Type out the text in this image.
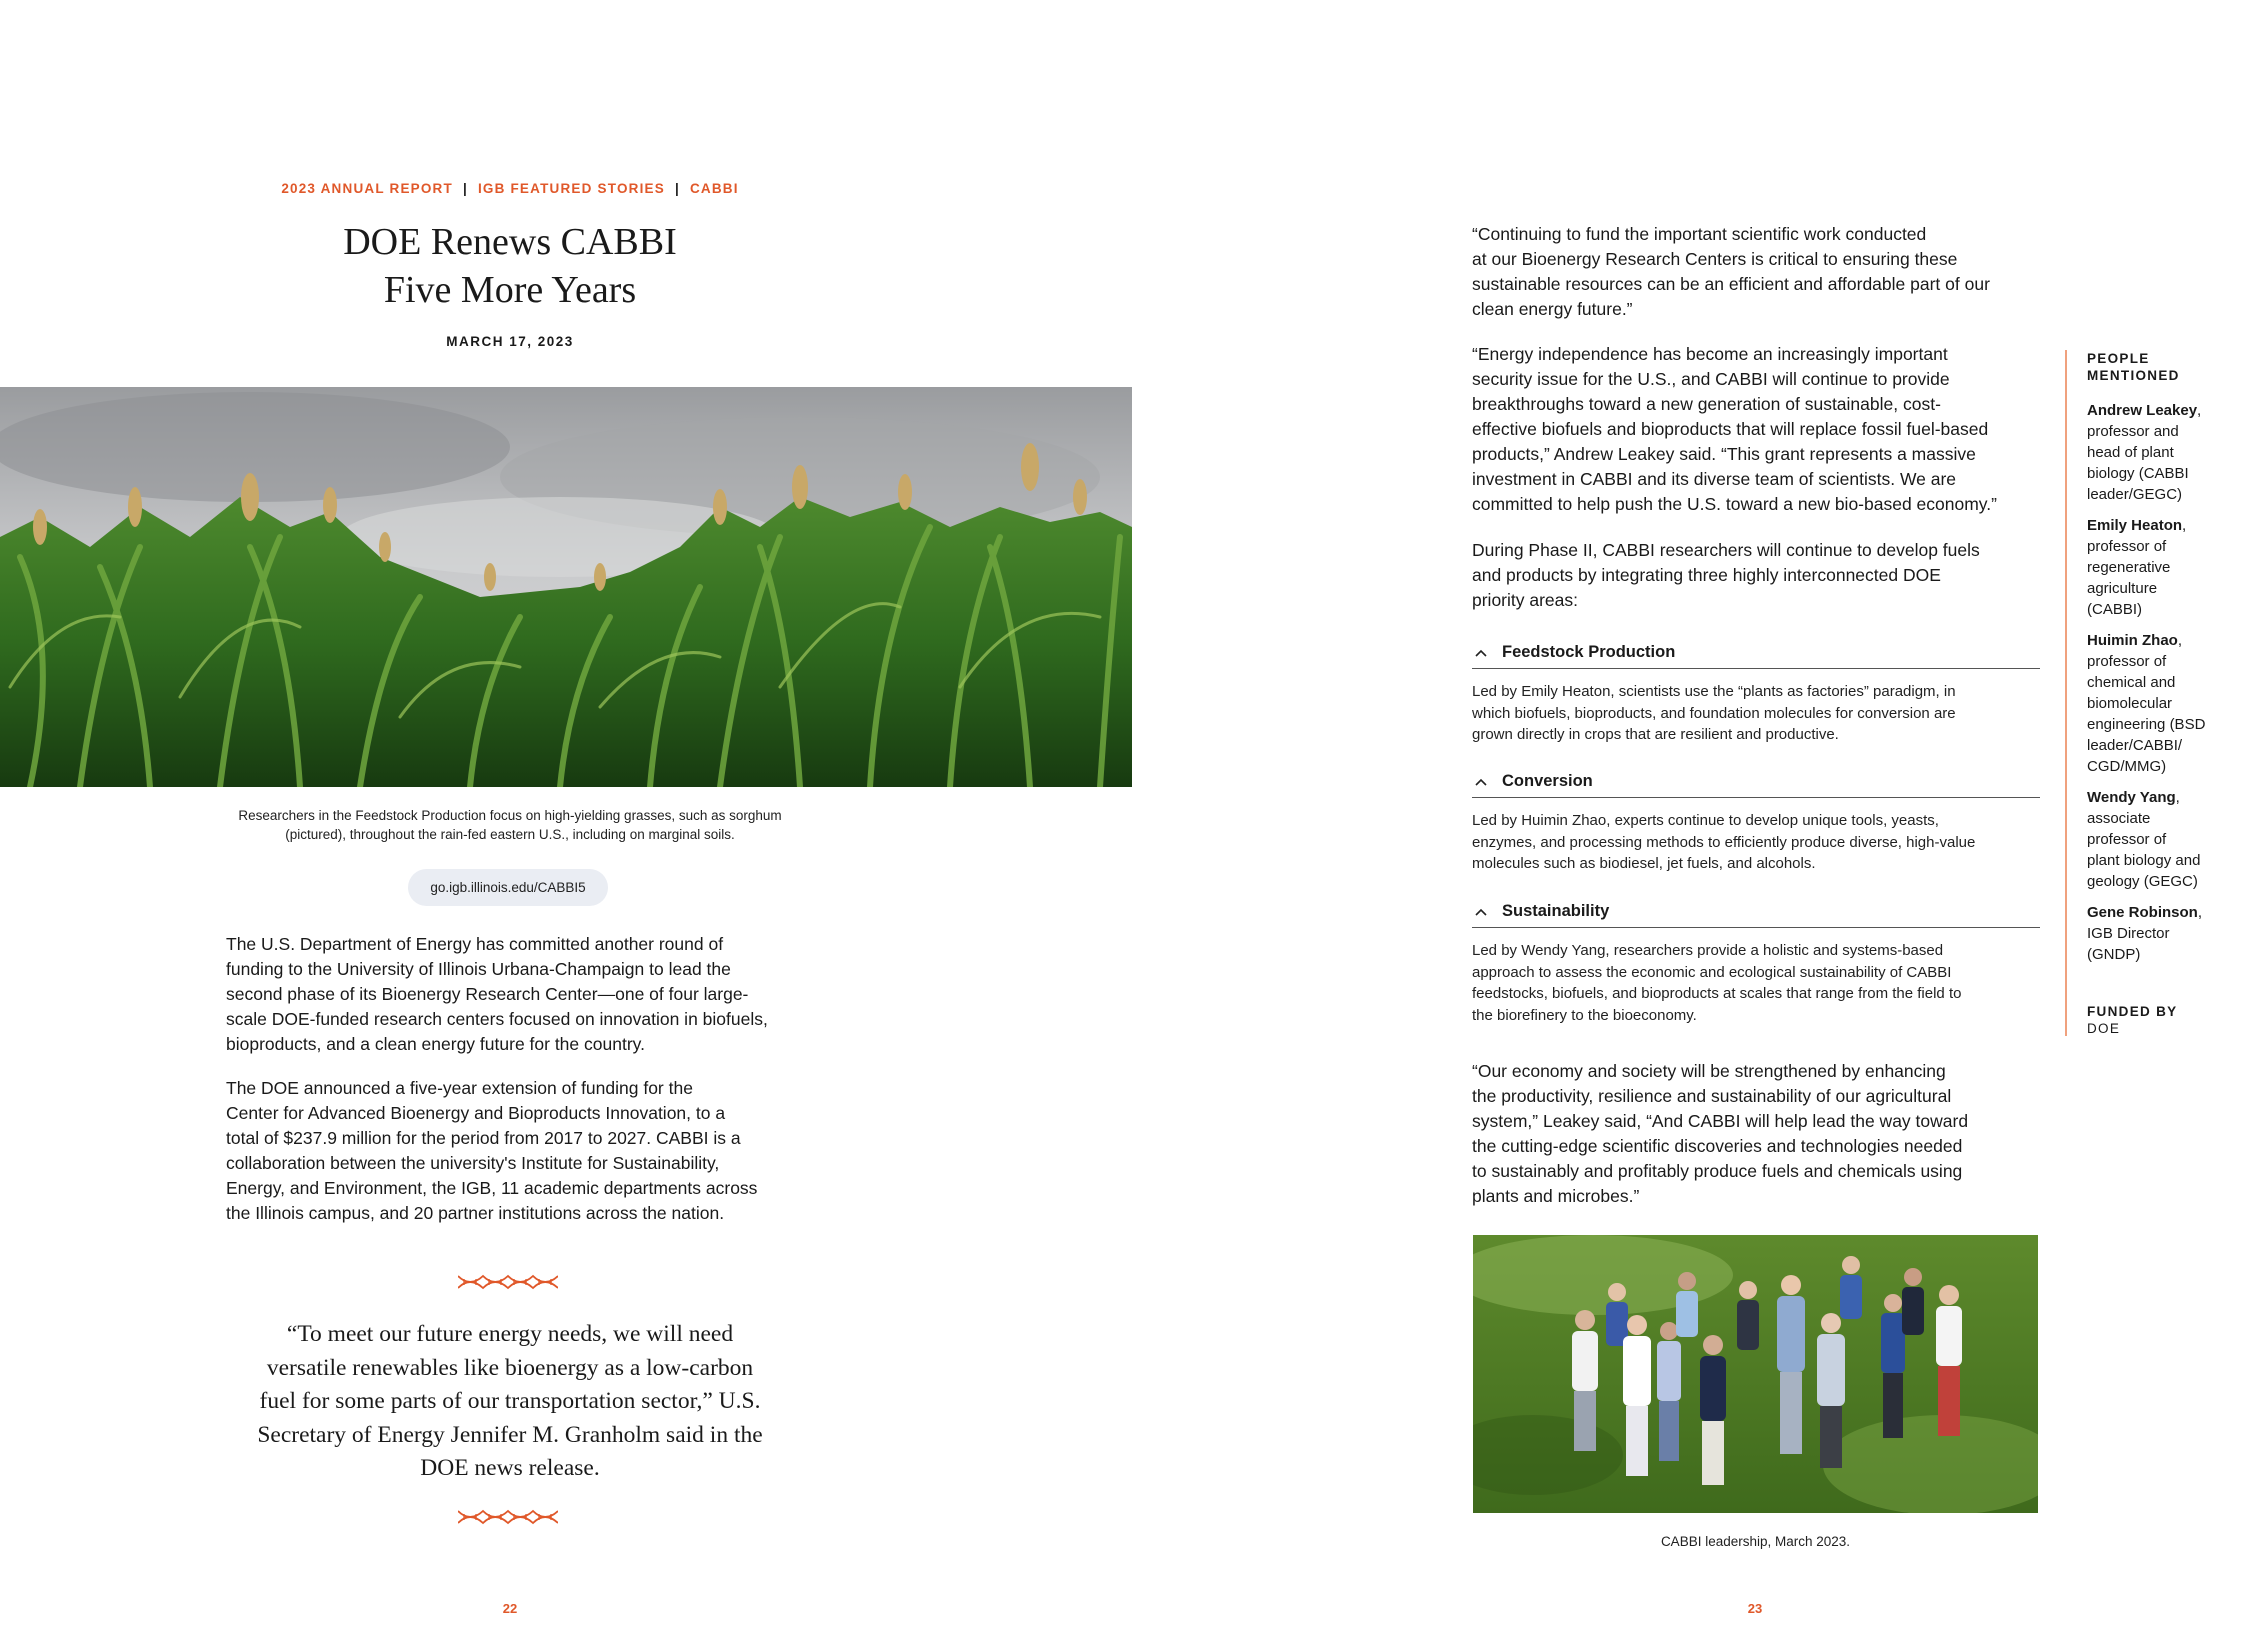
2023 ANNUAL REPORT | IGB FEATURED STORIES | CABBI
DOE Renews CABBI
Five More Years
MARCH 17, 2023
Researchers in the Feedstock Production focus on high-yielding grasses, such as sorghum
(pictured), throughout the rain-fed eastern U.S., including on marginal soils.
go.igb.illinois.edu/CABBI5
The U.S. Department of Energy has committed another round of
funding to the University of Illinois Urbana-Champaign to lead the
second phase of its Bioenergy Research Center—one of four large-
scale DOE-funded research centers focused on innovation in biofuels,
bioproducts, and a clean energy future for the country.
The DOE announced a five-year extension of funding for the
Center for Advanced Bioenergy and Bioproducts Innovation, to a
total of $237.9 million for the period from 2017 to 2027. CABBI is a
collaboration between the university's Institute for Sustainability,
Energy, and Environment, the IGB, 11 academic departments across
the Illinois campus, and 20 partner institutions across the nation.
“To meet our future energy needs, we will need
versatile renewables like bioenergy as a low-carbon
fuel for some parts of our transportation sector,” U.S.
Secretary of Energy Jennifer M. Granholm said in the
DOE news release.
22
“Continuing to fund the important scientific work conducted
at our Bioenergy Research Centers is critical to ensuring these
sustainable resources can be an efficient and affordable part of our
clean energy future.”
“Energy independence has become an increasingly important
security issue for the U.S., and CABBI will continue to provide
breakthroughs toward a new generation of sustainable, cost-
effective biofuels and bioproducts that will replace fossil fuel-based
products,” Andrew Leakey said. “This grant represents a massive
investment in CABBI and its diverse team of scientists. We are
committed to help push the U.S. toward a new bio-based economy.”
During Phase II, CABBI researchers will continue to develop fuels
and products by integrating three highly interconnected DOE
priority areas:
Feedstock Production
Led by Emily Heaton, scientists use the “plants as factories” paradigm, in
which biofuels, bioproducts, and foundation molecules for conversion are
grown directly in crops that are resilient and productive.
Conversion
Led by Huimin Zhao, experts continue to develop unique tools, yeasts,
enzymes, and processing methods to efficiently produce diverse, high-value
molecules such as biodiesel, jet fuels, and alcohols.
Sustainability
Led by Wendy Yang, researchers provide a holistic and systems-based
approach to assess the economic and ecological sustainability of CABBI
feedstocks, biofuels, and bioproducts at scales that range from the field to
the biorefinery to the bioeconomy.
“Our economy and society will be strengthened by enhancing
the productivity, resilience and sustainability of our agricultural
system,” Leakey said, “And CABBI will help lead the way toward
the cutting-edge scientific discoveries and technologies needed
to sustainably and profitably produce fuels and chemicals using
plants and microbes.”
CABBI leadership, March 2023.
23
PEOPLE
MENTIONED
Andrew Leakey,
professor and
head of plant
biology (CABBI
leader/GEGC)
Emily Heaton,
professor of
regenerative
agriculture
(CABBI)
Huimin Zhao,
professor of
chemical and
biomolecular
engineering (BSD
leader/CABBI/
CGD/MMG)
Wendy Yang,
associate
professor of
plant biology and
geology (GEGC)
Gene Robinson,
IGB Director
(GNDP)
FUNDED BY
DOE
